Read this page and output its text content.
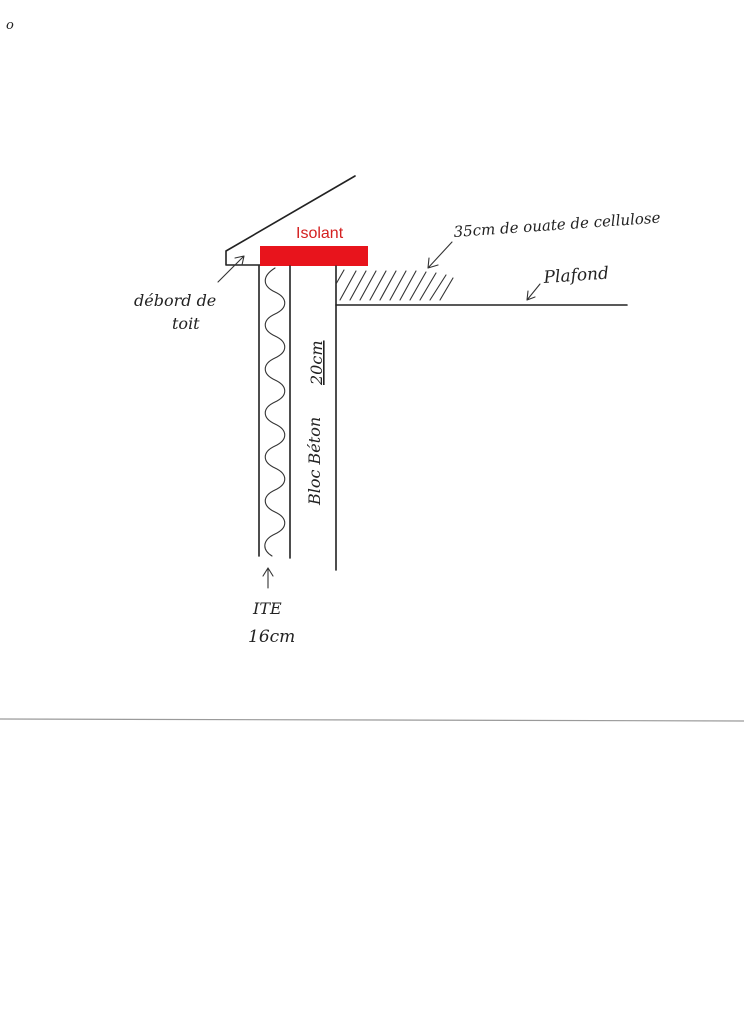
o
Isolant	35cm de ouate de cellulose
Plafond
débord de
toit
Bloc Béton
20cm
ITE
16cm
